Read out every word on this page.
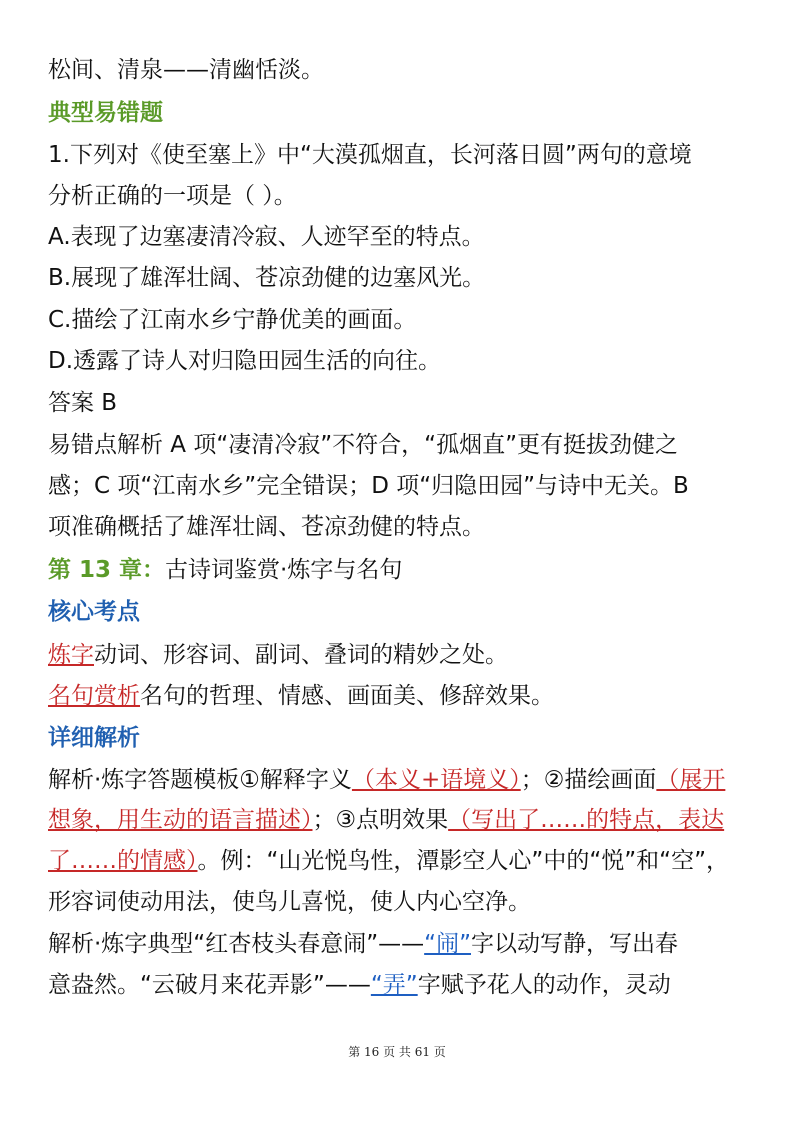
松间、清泉——清幽恬淡。

典型易错题

1.下列对《使至塞上》中“大漠孤烟直，长河落日圆”两句的意境

分析正确的一项是（ ）。

A.表现了边塞凄清冷寂、人迹罕至的特点。

B.展现了雄浑壮阔、苍凉劲健的边塞风光。

C.描绘了江南水乡宁静优美的画面。

D.透露了诗人对归隐田园生活的向往。

答案 B

易错点解析 A 项“凄清冷寂”不符合，“孤烟直”更有挺拔劲健之

感；C 项“江南水乡”完全错误；D 项“归隐田园”与诗中无关。B

项准确概括了雄浑壮阔、苍凉劲健的特点。

第 13 章：古诗词鉴赏·炼字与名句

核心考点

炼字动词、形容词、副词、叠词的精妙之处。

名句赏析名句的哲理、情感、画面美、修辞效果。

详细解析

解析·炼字答题模板①解释字义（本义+语境义）；②描绘画面（展开

想象，用生动的语言描述）；③点明效果（写出了……的特点，表达

了……的情感）。例：“山光悦鸟性，潭影空人心”中的“悦”和“空”，

形容词使动用法，使鸟儿喜悦，使人内心空净。

解析·炼字典型“红杏枝头春意闹”——“闹”字以动写静，写出春

意盎然。“云破月来花弄影”——“弄”字赋予花人的动作，灵动

第 16 页 共 61 页
